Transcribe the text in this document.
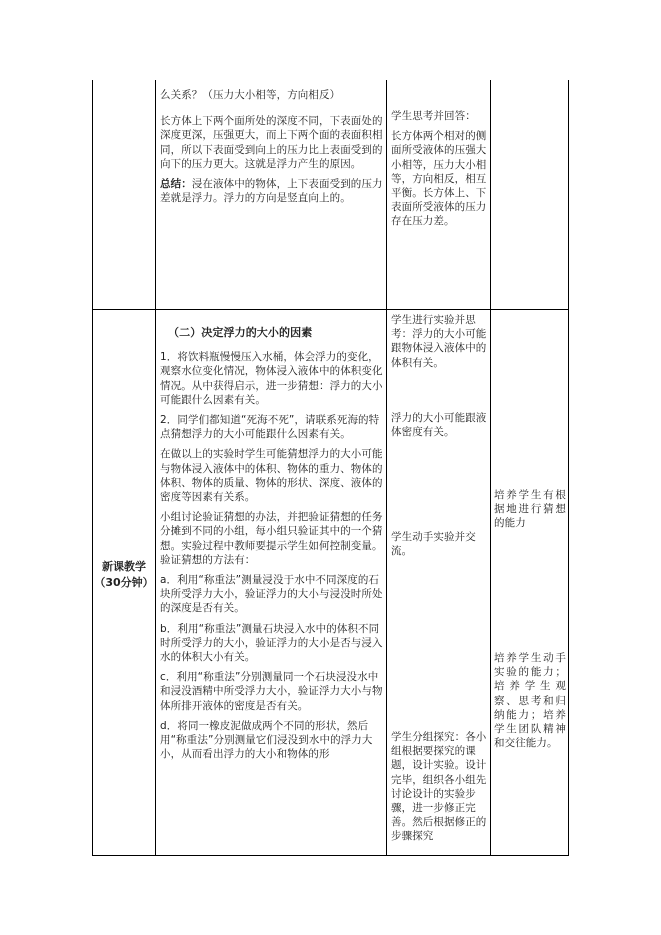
么关系？（压力大小相等，方向相反）

长方体上下两个面所处的深度不同，下表面处的深度更深，压强更大，而上下两个面的表面积相同，所以下表面受到向上的压力比上表面受到的向下的压力更大。这就是浮力产生的原因。

总结：浸在液体中的物体，上下表面受到的压力差就是浮力。浮力的方向是竖直向上的。

学生思考并回答：

长方体两个相对的侧面所受液体的压强大小相等，压力大小相等，方向相反，相互平衡。长方体上、下表面所受液体的压力存在压力差。

新课教学
（30分钟）

（二）决定浮力的大小的因素

1．将饮料瓶慢慢压入水桶，体会浮力的变化，观察水位变化情况，物体浸入液体中的体积变化情况。从中获得启示，进一步猜想：浮力的大小可能跟什么因素有关。

2．同学们都知道“死海不死”，请联系死海的特点猜想浮力的大小可能跟什么因素有关。

在做以上的实验时学生可能猜想浮力的大小可能与物体浸入液体中的体积、物体的重力、物体的体积、物体的质量、物体的形状、深度、液体的密度等因素有关系。

小组讨论验证猜想的办法，并把验证猜想的任务分摊到不同的小组，每小组只验证其中的一个猜想。实验过程中教师要提示学生如何控制变量。验证猜想的方法有：

a．利用“称重法”测量浸没于水中不同深度的石块所受浮力大小，验证浮力的大小与浸没时所处的深度是否有关。

b．利用“称重法”测量石块浸入水中的体积不同时所受浮力的大小，验证浮力的大小是否与浸入水的体积大小有关。

c．利用“称重法”分别测量同一个石块浸没水中和浸没酒精中所受浮力大小，验证浮力大小与物体所排开液体的密度是否有关。

d．将同一橡皮泥做成两个不同的形状，然后用“称重法”分别测量它们浸没到水中的浮力大小，从而看出浮力的大小和物体的形

学生进行实验并思考：浮力的大小可能跟物体浸入液体中的体积有关。
浮力的大小可能跟液体密度有关。
学生动手实验并交流。
学生分组探究：各小组根据要探究的课题，设计实验。设计完毕，组织各小组先讨论设计的实验步骤，进一步修正完善。然后根据修正的步骤探究
培养学生有根据地进行猜想的能力
培养学生动手实验的能力；培养学生观察、思考和归纳能力；培养学生团队精神和交往能力。
